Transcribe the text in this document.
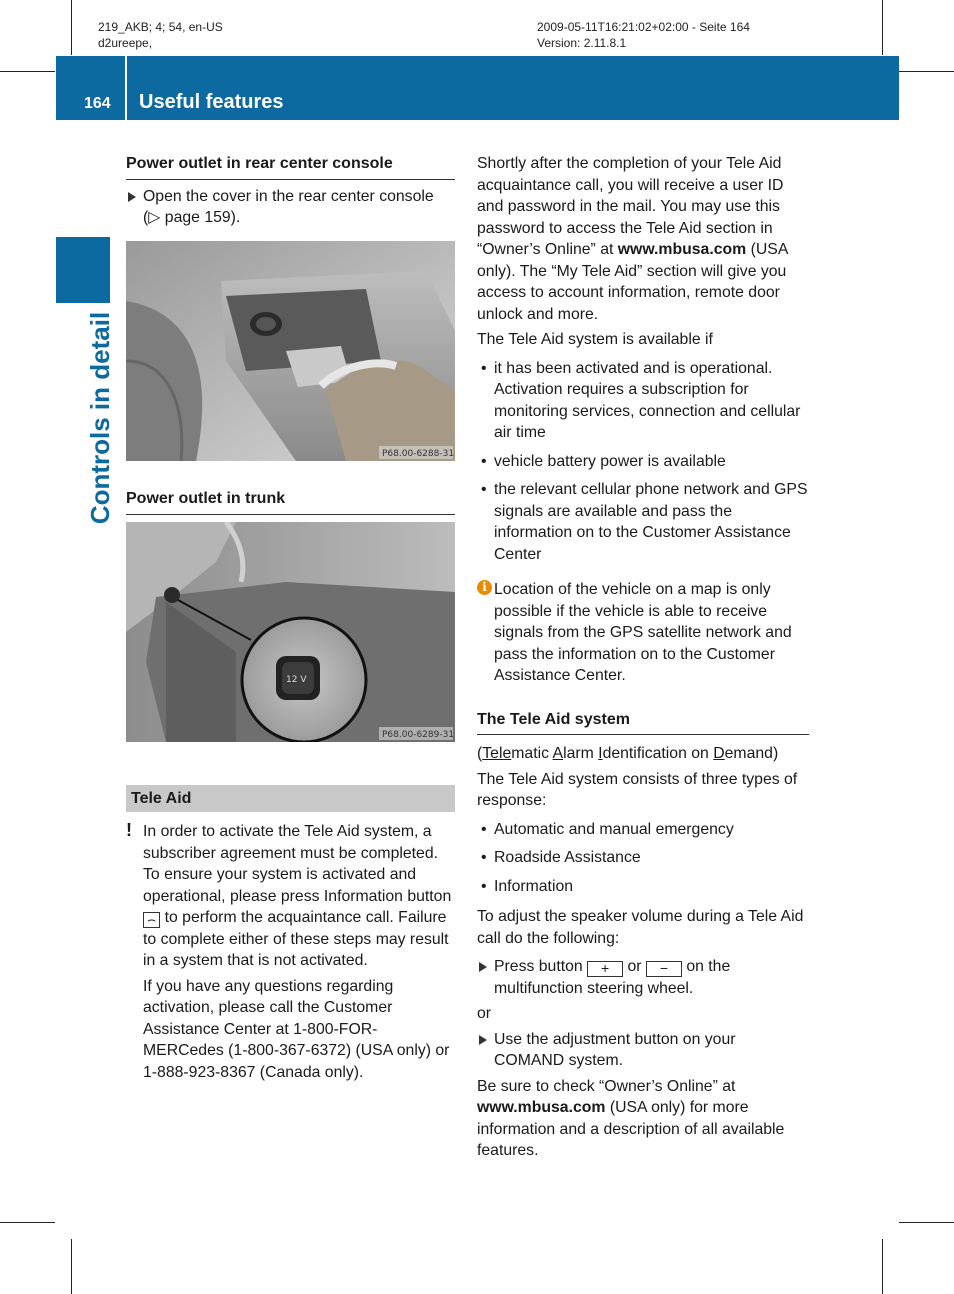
219_AKB; 4; 54, en-US
d2ureepe,
2009-05-11T16:21:02+02:00 - Seite 164
Version: 2.11.8.1
164 Useful features
Controls in detail
Power outlet in rear center console
Open the cover in the rear center console (▷ page 159).
P68.00-6288-31
Power outlet in trunk
12 V
P68.00-6289-31
Tele Aid
! In order to activate the Tele Aid system, a subscriber agreement must be completed. To ensure your system is activated and operational, please press Information button ⌢ to perform the acquaintance call. Failure to complete either of these steps may result in a system that is not activated.

If you have any questions regarding activation, please call the Customer Assistance Center at 1-800-FOR-MERCedes (1-800-367-6372) (USA only) or 1-888-923-8367 (Canada only).

Shortly after the completion of your Tele Aid acquaintance call, you will receive a user ID and password in the mail. You may use this password to access the Tele Aid section in “Owner’s Online” at www.mbusa.com (USA only). The “My Tele Aid” section will give you access to account information, remote door unlock and more.

The Tele Aid system is available if

• it has been activated and is operational. Activation requires a subscription for monitoring services, connection and cellular air time
• vehicle battery power is available
• the relevant cellular phone network and GPS signals are available and pass the information on to the Customer Assistance Center
i Location of the vehicle on a map is only possible if the vehicle is able to receive signals from the GPS satellite network and pass the information on to the Customer Assistance Center.
The Tele Aid system

(Telematic Alarm Identification on Demand)

The Tele Aid system consists of three types of response:

• Automatic and manual emergency
• Roadside Assistance
• Information

To adjust the speaker volume during a Tele Aid call do the following:

Press button + or − on the multifunction steering wheel.

or

Use the adjustment button on your COMAND system.

Be sure to check “Owner’s Online” at www.mbusa.com (USA only) for more information and a description of all available features.
